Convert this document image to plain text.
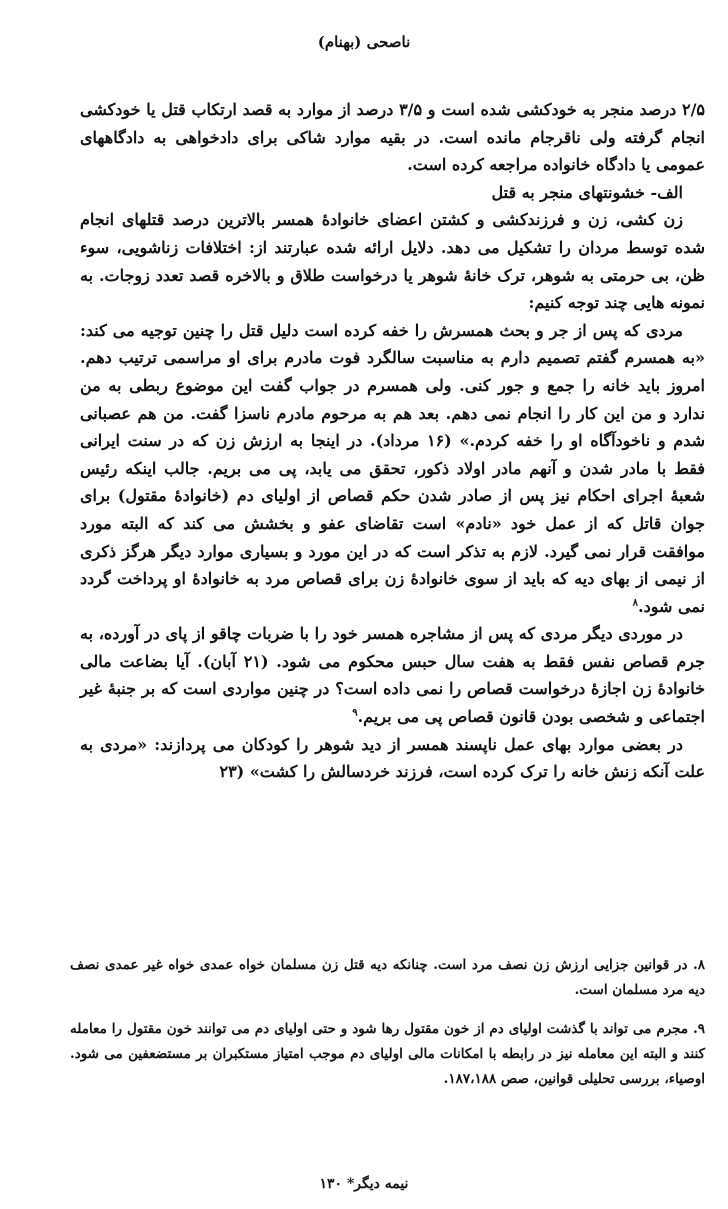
ناصحی (بهنام)

۲/۵ درصد منجر به خودکشی شده است و ۳/۵ درصد از موارد به قصد ارتکاب قتل یا خودکشی انجام گرفته ولی ناقرجام مانده است. در بقیه موارد شاکی برای دادخواهی به دادگاههای عمومی یا دادگاه خانواده مراجعه کرده است.

الف- خشونتهای منجر به قتل

زن کشی، زن و فرزندکشی و کشتن اعضای خانوادهٔ همسر بالاترین درصد قتلهای انجام شده توسط مردان را تشکیل می دهد. دلایل ارائه شده عبارتند از: اختلافات زناشویی، سوء ظن، بی حرمتی به شوهر، ترک خانهٔ شوهر یا درخواست طلاق و بالاخره قصد تعدد زوجات. به نمونه هایی چند توجه کنیم:

مردی که پس از جر و بحث همسرش را خفه کرده است دلیل قتل را چنین توجیه می کند: «به همسرم گفتم تصمیم دارم به مناسبت سالگرد فوت مادرم برای او مراسمی ترتیب دهم. امروز باید خانه را جمع و جور کنی. ولی همسرم در جواب گفت این موضوع ربطی به من ندارد و من این کار را انجام نمی دهم. بعد هم به مرحوم مادرم ناسزا گفت. من هم عصبانی شدم و ناخودآگاه او را خفه کردم.» (۱۶ مرداد). در اینجا به ارزش زن که در سنت ایرانی فقط با مادر شدن و آنهم مادر اولاد ذکور، تحقق می یابد، پی می بریم. جالب اینکه رئیس شعبهٔ اجرای احکام نیز پس از صادر شدن حکم قصاص از اولیای دم (خانوادهٔ مقتول) برای جوان قاتل که از عمل خود «نادم» است تقاضای عفو و بخشش می کند که البته مورد موافقت قرار نمی گیرد. لازم به تذکر است که در این مورد و بسیاری موارد دیگر هرگز ذکری از نیمی از بهای دیه که باید از سوی خانوادهٔ زن برای قصاص مرد به خانوادهٔ او پرداخت گردد نمی شود.$^۸$

در موردی دیگر مردی که پس از مشاجره همسر خود را با ضربات چاقو از پای در آورده، به جرم قصاص نفس فقط به هفت سال حبس محکوم می شود. (۲۱ آبان). آیا بضاعت مالی خانوادهٔ زن اجازهٔ درخواست قصاص را نمی داده است؟ در چنین مواردی است که بر جنبهٔ غیر اجتماعی و شخصی بودن قانون قصاص پی می بریم.$^۹$

در بعضی موارد بهای عمل ناپسند همسر از دید شوهر را کودکان می پردازند: «مردی به علت آنکه زنش خانه را ترک کرده است، فرزند خردسالش را کشت» (۲۳

۸. در قوانین جزایی ارزش زن نصف مرد است. چنانکه دیه قتل زن مسلمان خواه عمدی خواه غیر عمدی نصف دیه مرد مسلمان است.

۹. مجرم می تواند با گذشت اولیای دم از خون مقتول رها شود و حتی اولیای دم می توانند خون مقتول را معامله کنند و البته این معامله نیز در رابطه با امکانات مالی اولیای دم موجب امتیاز مستکبران بر مستضعفین می شود. اوصیاء، بررسی تحلیلی قوانین، صص ۱۸۷،۱۸۸.

نیمه دیگر* ۱۳۰
